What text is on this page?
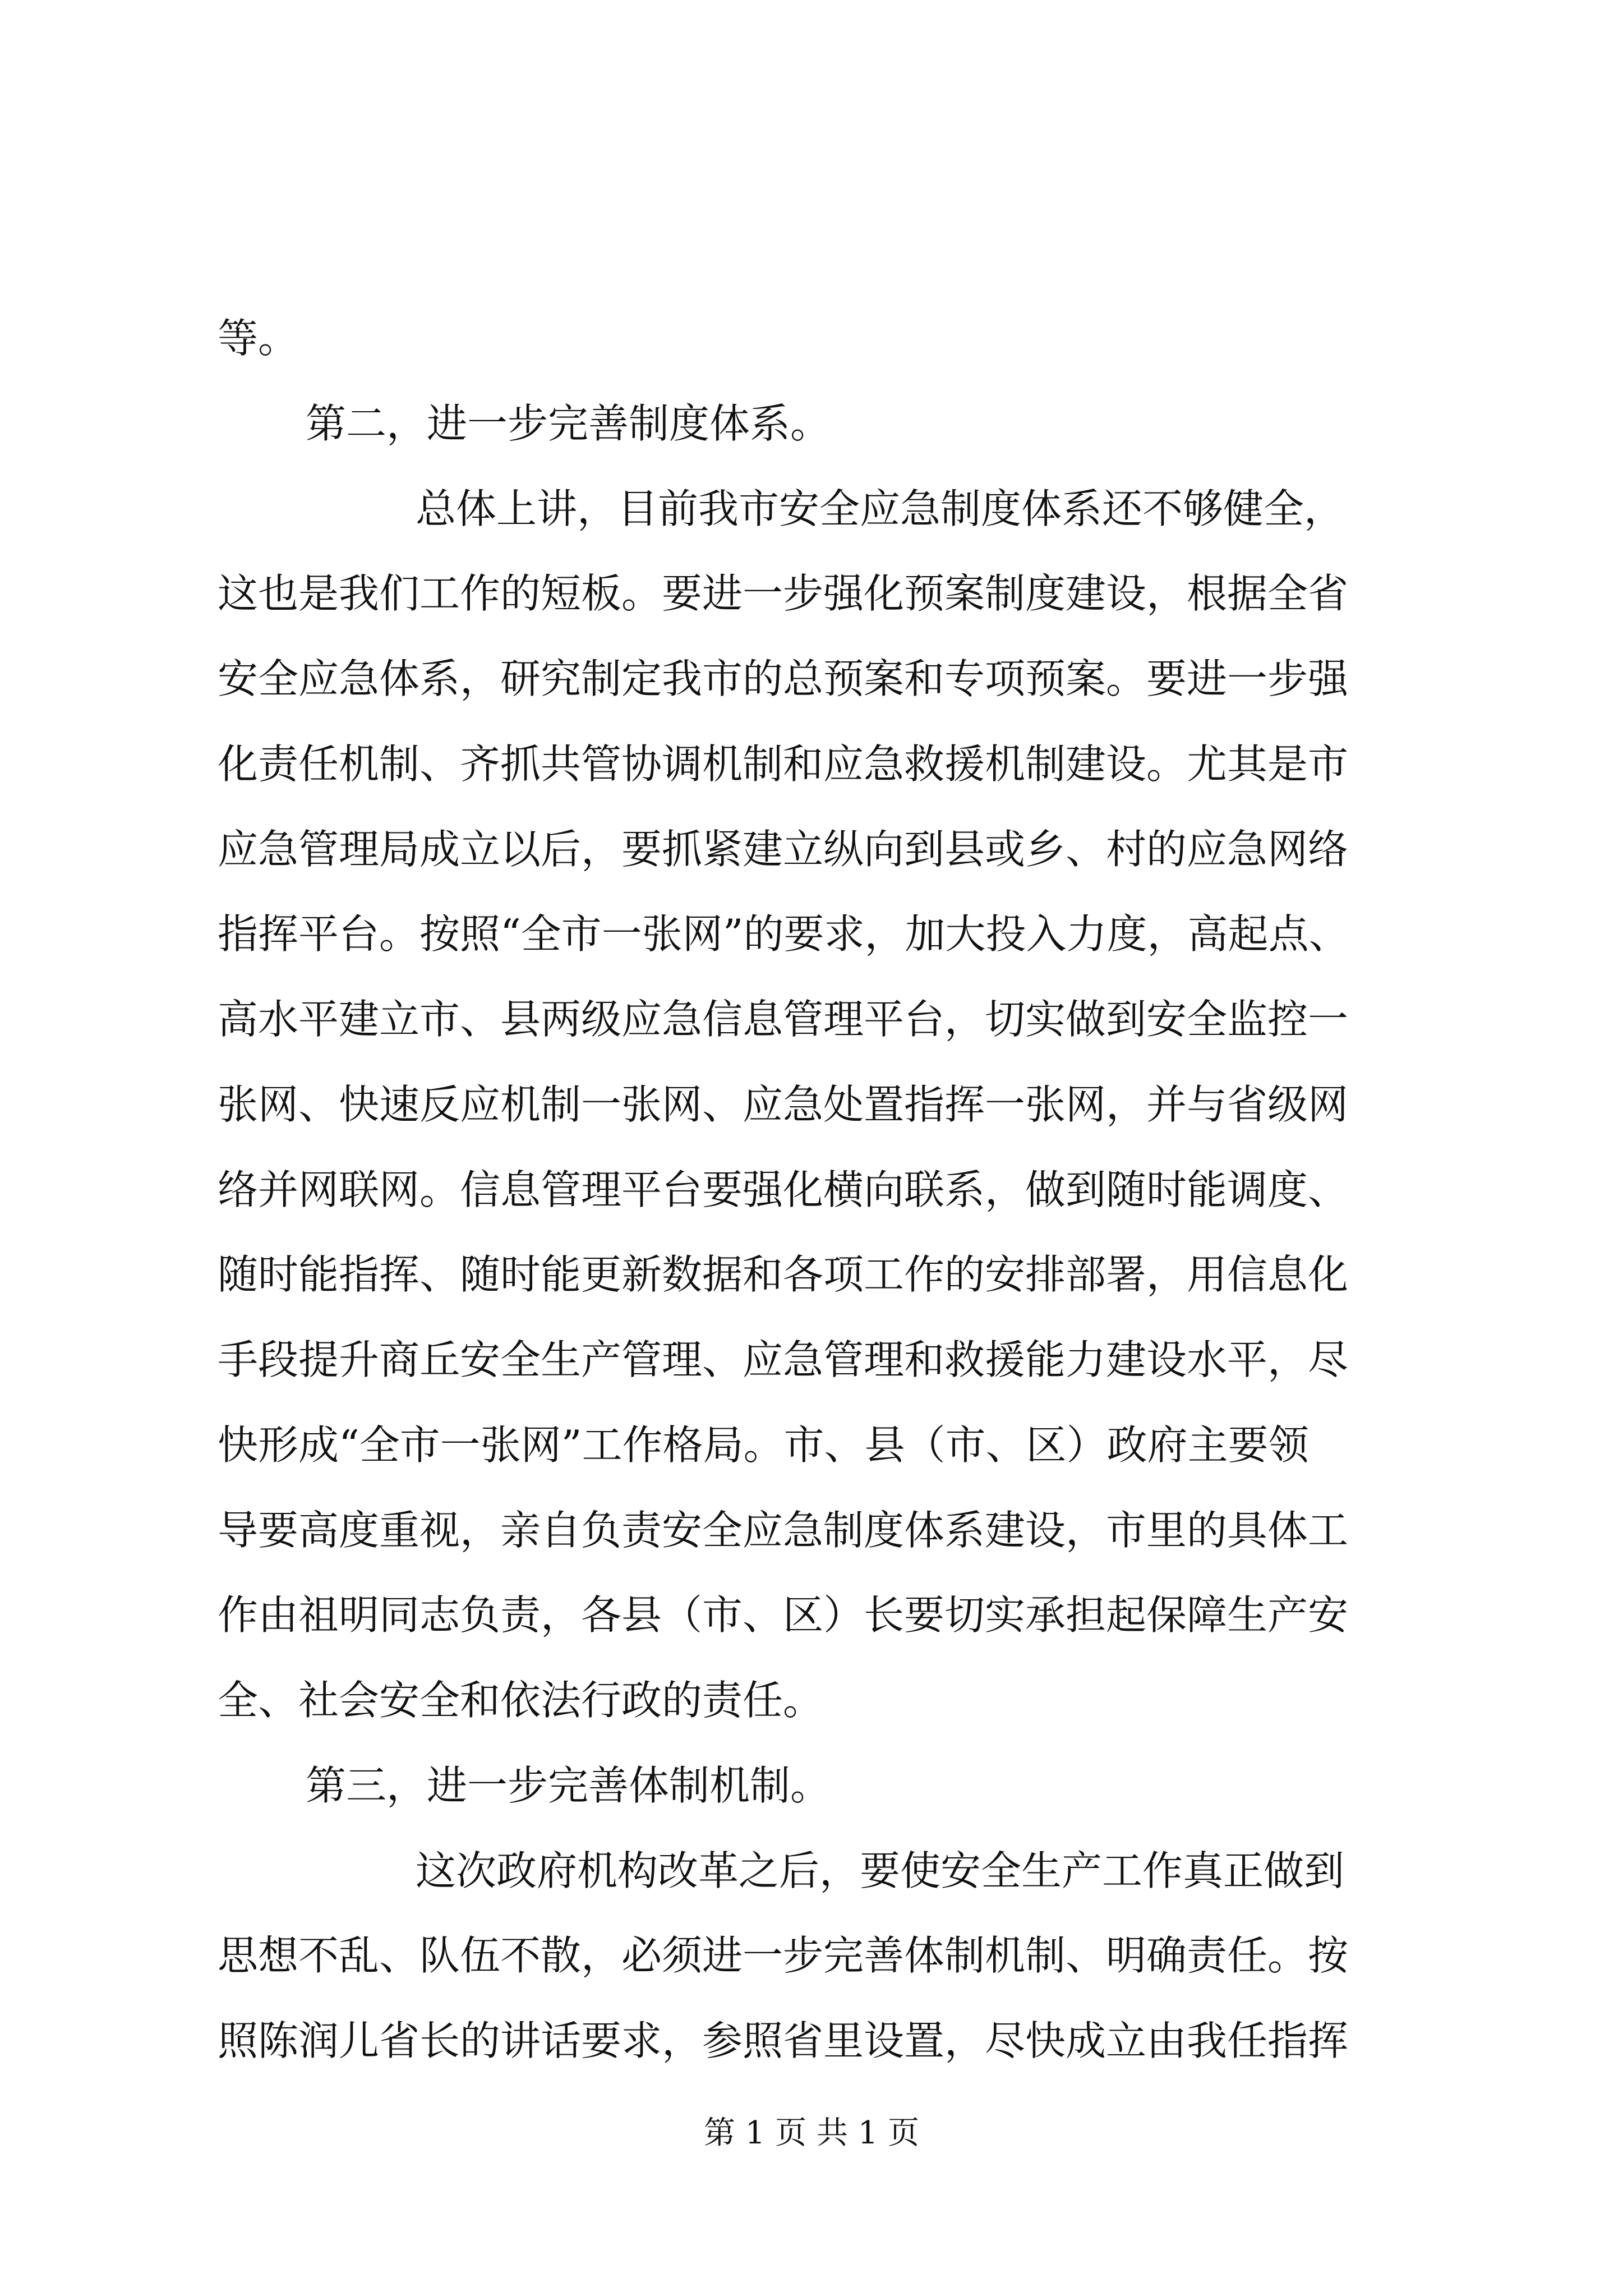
等。
第二，进一步完善制度体系。
总体上讲，目前我市安全应急制度体系还不够健全，
这也是我们工作的短板。要进一步强化预案制度建设，根据全省
安全应急体系，研究制定我市的总预案和专项预案。要进一步强
化责任机制、齐抓共管协调机制和应急救援机制建设。尤其是市
应急管理局成立以后，要抓紧建立纵向到县或乡、村的应急网络
指挥平台。按照“全市一张网”的要求，加大投入力度，高起点、
高水平建立市、县两级应急信息管理平台，切实做到安全监控一
张网、快速反应机制一张网、应急处置指挥一张网，并与省级网
络并网联网。信息管理平台要强化横向联系，做到随时能调度、
随时能指挥、随时能更新数据和各项工作的安排部署，用信息化
手段提升商丘安全生产管理、应急管理和救援能力建设水平，尽
快形成“全市一张网”工作格局。市、县（市、区）政府主要领
导要高度重视，亲自负责安全应急制度体系建设，市里的具体工
作由祖明同志负责，各县（市、区）长要切实承担起保障生产安
全、社会安全和依法行政的责任。
第三，进一步完善体制机制。
这次政府机构改革之后，要使安全生产工作真正做到
思想不乱、队伍不散，必须进一步完善体制机制、明确责任。按
照陈润儿省长的讲话要求，参照省里设置，尽快成立由我任指挥
第 1 页 共 1 页
